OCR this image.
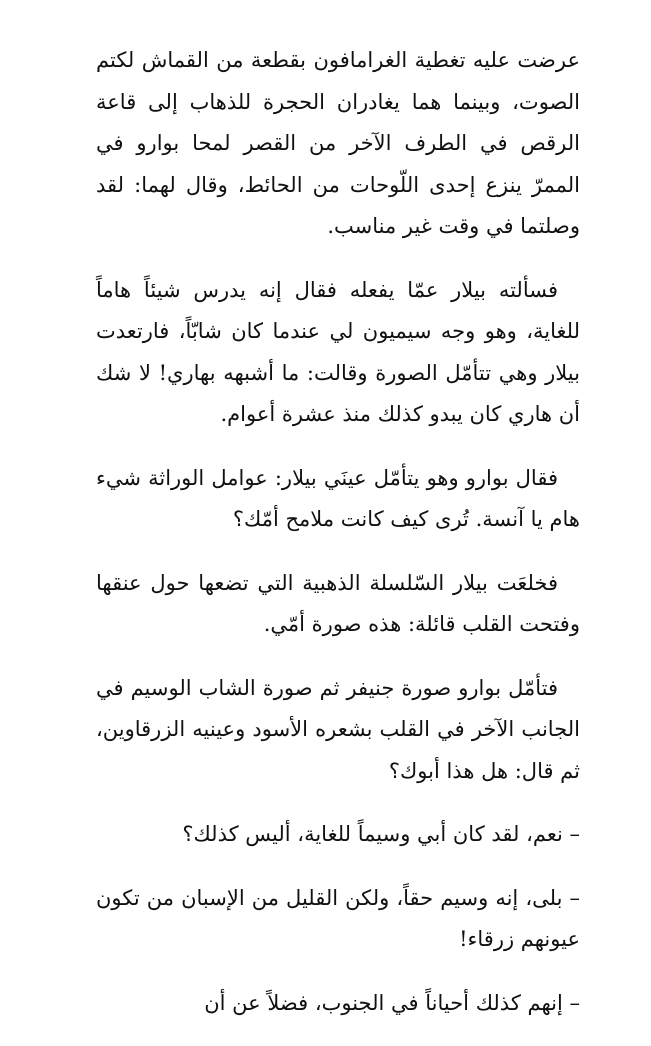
عرضت عليه تغطية الغرامافون بقطعة من القماش لكتم الصوت، وبينما هما يغادران الحجرة للذهاب إلى قاعة الرقص في الطرف الآخر من القصر لمحا بوارو في الممرّ ينزع إحدى اللّوحات من الحائط، وقال لهما: لقد وصلتما في وقت غير مناسب.

فسألته بيلار عمّا يفعله فقال إنه يدرس شيئاً هاماً للغاية، وهو وجه سيميون لي عندما كان شابّاً، فارتعدت بيلار وهي تتأمّل الصورة وقالت: ما أشبهه بهاري! لا شك أن هاري كان يبدو كذلك منذ عشرة أعوام.

فقال بوارو وهو يتأمّل عينَي بيلار: عوامل الوراثة شيء هام يا آنسة. تُرى كيف كانت ملامح أمّك؟

فخلعَت بيلار السّلسلة الذهبية التي تضعها حول عنقها وفتحت القلب قائلة: هذه صورة أمّي.

فتأمّل بوارو صورة جنيفر ثم صورة الشاب الوسيم في الجانب الآخر في القلب بشعره الأسود وعينيه الزرقاوين، ثم قال: هل هذا أبوك؟

– نعم، لقد كان أبي وسيماً للغاية، أليس كذلك؟

– بلى، إنه وسيم حقاً، ولكن القليل من الإسبان من تكون عيونهم زرقاء!

– إنهم كذلك أحياناً في الجنوب، فضلاً عن أن
